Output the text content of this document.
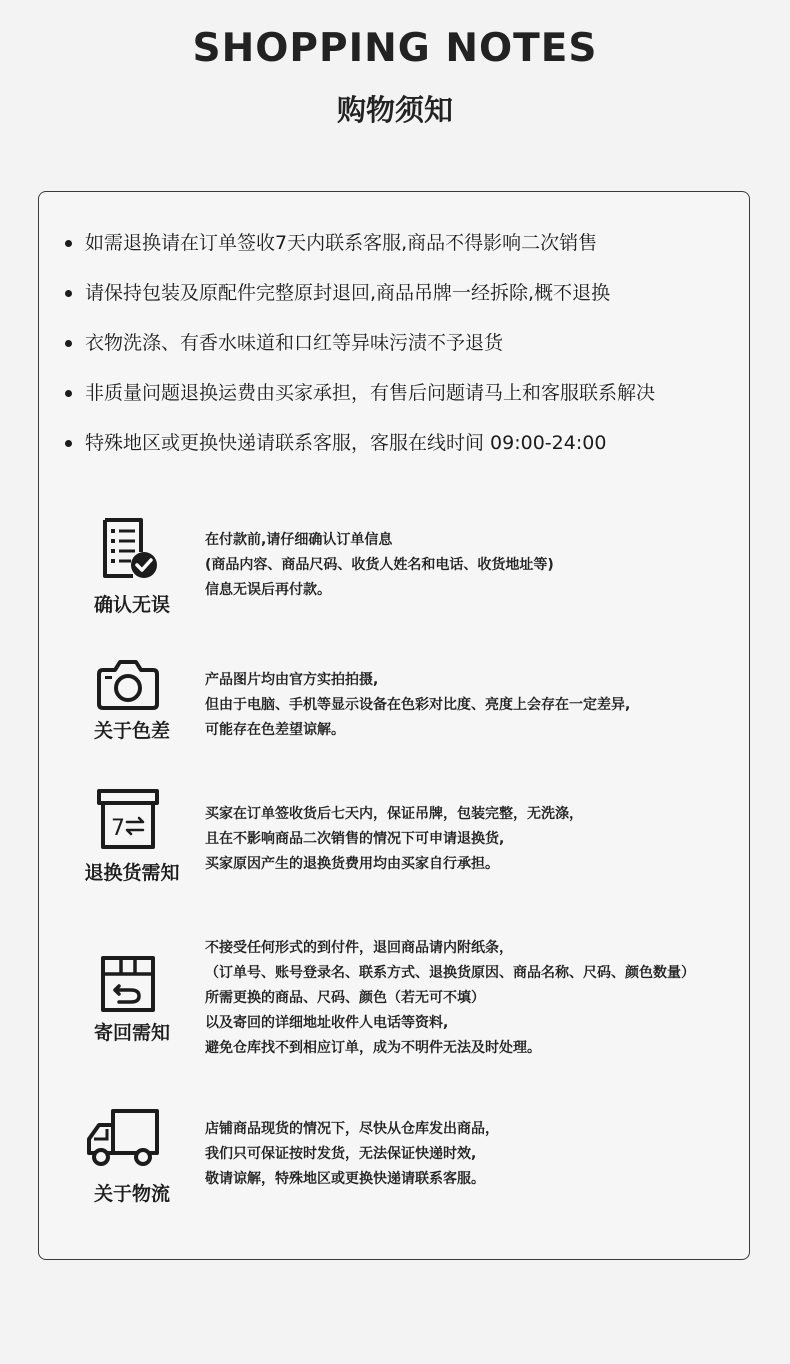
SHOPPING NOTES
购物须知
如需退换请在订单签收7天内联系客服,商品不得影响二次销售
请保持包装及原配件完整原封退回,商品吊牌一经拆除,概不退换
衣物洗涤、有香水味道和口红等异味污渍不予退货
非质量问题退换运费由买家承担，有售后问题请马上和客服联系解决
特殊地区或更换快递请联系客服，客服在线时间 09:00-24:00
确认无误
在付款前,请仔细确认订单信息
(商品内容、商品尺码、收货人姓名和电话、收货地址等)
信息无误后再付款。
关于色差
产品图片均由官方实拍拍摄,
但由于电脑、手机等显示设备在色彩对比度、亮度上会存在一定差异,
可能存在色差望谅解。
7
退换货需知
买家在订单签收货后七天内，保证吊牌，包装完整，无洗涤，
且在不影响商品二次销售的情况下可申请退换货,
买家原因产生的退换货费用均由买家自行承担。
寄回需知
不接受任何形式的到付件，退回商品请内附纸条，
（订单号、账号登录名、联系方式、退换货原因、商品名称、尺码、颜色数量）
所需更换的商品、尺码、颜色（若无可不填）
以及寄回的详细地址收件人电话等资料,
避免仓库找不到相应订单，成为不明件无法及时处理。
关于物流
店铺商品现货的情况下，尽快从仓库发出商品，
我们只可保证按时发货，无法保证快递时效,
敬请谅解，特殊地区或更换快递请联系客服。
